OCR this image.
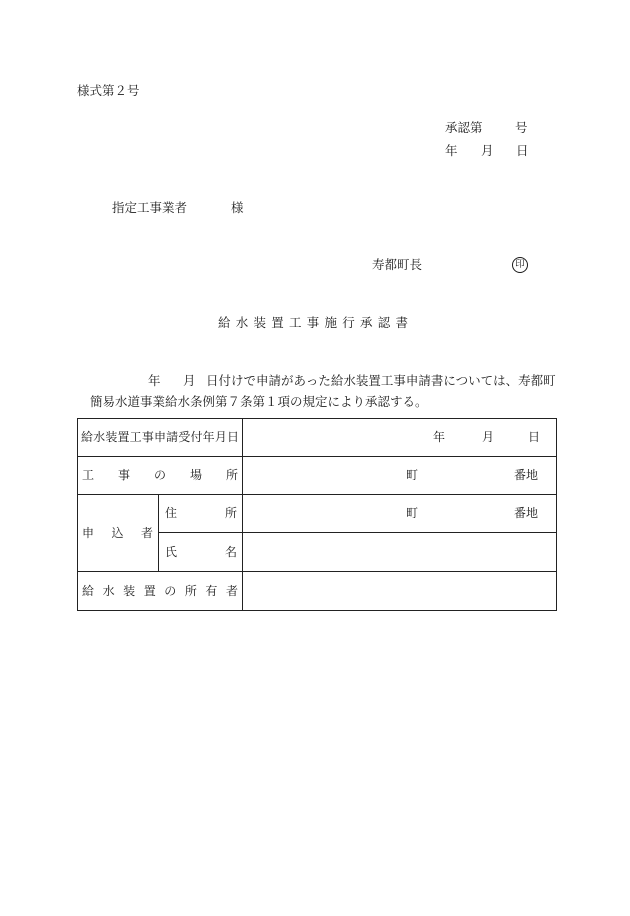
様式第２号
承認第	号
年 月 日
指定工事業者	様
寿都町長	印
給水装置工事施行承認書
年 月 日付けで申請があった給水装置工事申請書については、寿都町
簡易水道事業給水条例第７条第１項の規定により承認する。
給水装置工事申請受付年月日	年	月	日
工事の場所	町	番地
申込者
住所	町	番地
氏名
給水装置の所有者
